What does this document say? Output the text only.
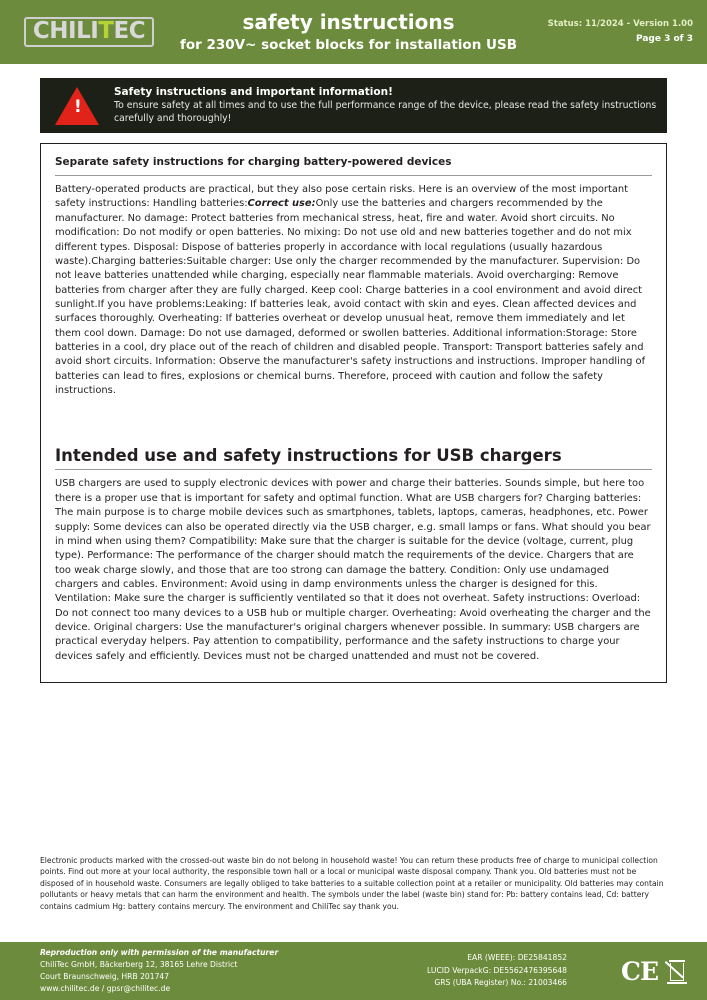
CHILITEC	safety instructions
for 230V~ socket blocks for installation USB
Status: 11/2024 - Version 1.00
Page 3 of 3
!
Safety instructions and important information!
To ensure safety at all times and to use the full performance range of the device, please read the safety instructions carefully and thoroughly!
Separate safety instructions for charging battery-powered devices
Battery-operated products are practical, but they also pose certain risks. Here is an overview of the most important safety instructions: Handling batteries:Correct use:Only use the batteries and chargers recommended by the manufacturer. No damage: Protect batteries from mechanical stress, heat, fire and water. Avoid short circuits. No modification: Do not modify or open batteries. No mixing: Do not use old and new batteries together and do not mix different types. Disposal: Dispose of batteries properly in accordance with local regulations (usually hazardous waste).Charging batteries:Suitable charger: Use only the charger recommended by the manufacturer. Supervision: Do not leave batteries unattended while charging, especially near flammable materials. Avoid overcharging: Remove batteries from charger after they are fully charged. Keep cool: Charge batteries in a cool environment and avoid direct sunlight.If you have problems:Leaking: If batteries leak, avoid contact with skin and eyes. Clean affected devices and surfaces thoroughly. Overheating: If batteries overheat or develop unusual heat, remove them immediately and let them cool down. Damage: Do not use damaged, deformed or swollen batteries. Additional information:Storage: Store batteries in a cool, dry place out of the reach of children and disabled people. Transport: Transport batteries safely and avoid short circuits. Information: Observe the manufacturer's safety instructions and instructions. Improper handling of batteries can lead to fires, explosions or chemical burns. Therefore, proceed with caution and follow the safety instructions.
Intended use and safety instructions for USB chargers
USB chargers are used to supply electronic devices with power and charge their batteries. Sounds simple, but here too there is a proper use that is important for safety and optimal function. What are USB chargers for? Charging batteries: The main purpose is to charge mobile devices such as smartphones, tablets, laptops, cameras, headphones, etc. Power supply: Some devices can also be operated directly via the USB charger, e.g. small lamps or fans. What should you bear in mind when using them? Compatibility: Make sure that the charger is suitable for the device (voltage, current, plug type). Performance: The performance of the charger should match the requirements of the device. Chargers that are too weak charge slowly, and those that are too strong can damage the battery. Condition: Only use undamaged chargers and cables. Environment: Avoid using in damp environments unless the charger is designed for this. Ventilation: Make sure the charger is sufficiently ventilated so that it does not overheat. Safety instructions: Overload: Do not connect too many devices to a USB hub or multiple charger. Overheating: Avoid overheating the charger and the device. Original chargers: Use the manufacturer's original chargers whenever possible. In summary: USB chargers are practical everyday helpers. Pay attention to compatibility, performance and the safety instructions to charge your devices safely and efficiently. Devices must not be charged unattended and must not be covered.
Electronic products marked with the crossed-out waste bin do not belong in household waste! You can return these products free of charge to municipal collection points. Find out more at your local authority, the responsible town hall or a local or municipal waste disposal company. Thank you. Old batteries must not be disposed of in household waste. Consumers are legally obliged to take batteries to a suitable collection point at a retailer or municipality. Old batteries may contain pollutants or heavy metals that can harm the environment and health. The symbols under the label (waste bin) stand for: Pb: battery contains lead, Cd: battery contains cadmium Hg: battery contains mercury. The environment and ChiliTec say thank you.
Reproduction only with permission of the manufacturer
ChiliTec GmbH, Bäckerberg 12, 38165 Lehre District
Court Braunschweig, HRB 201747
www.chilitec.de / gpsr@chilitec.de
EAR (WEEE): DE25841852
LUCID VerpackG: DE5562476395648
GRS (UBA Register) No.: 21003466 CE
